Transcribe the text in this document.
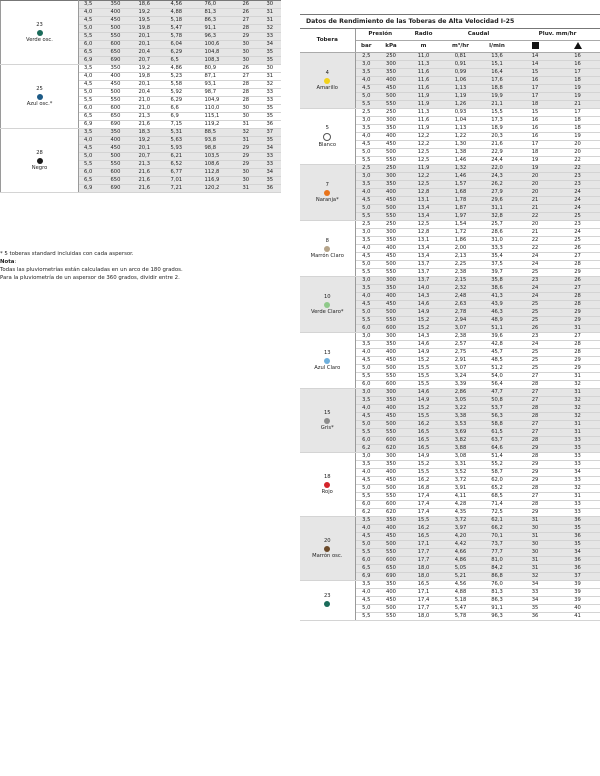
23
Verde osc.	3,5	350	18,6	4,56	76,0	26	30
	4,0	400	19,2	4,88	81,3	26	31
	4,5	450	19,5	5,18	86,3	27	31
	5,0	500	19,8	5,47	91,1	28	32
	5,5	550	20,1	5,78	96,3	29	33
	6,0	600	20,1	6,04	100,6	30	34
	6,5	650	20,4	6,29	104,8	30	35
	6,9	690	20,7	6,5	108,3	30	35

25
Azul osc.*	3,5	350	19,2	4,86	80,9	26	30
	4,0	400	19,8	5,23	87,1	27	31
	4,5	450	20,1	5,58	93,1	28	32
	5,0	500	20,4	5,92	98,7	28	33
	5,5	550	21,0	6,29	104,9	28	33
	6,0	600	21,0	6,6	110,0	30	35
	6,5	650	21,3	6,9	115,1	30	35
	6,9	690	21,6	7,15	119,2	31	36

28
Negro	3,5	350	18,3	5,31	88,5	32	37
	4,0	400	19,2	5,63	93,8	31	35
	4,5	450	20,1	5,93	98,8	29	34
	5,0	500	20,7	6,21	103,5	29	33
	5,5	550	21,3	6,52	108,6	29	33
	6,0	600	21,6	6,77	112,8	30	34
	6,5	650	21,6	7,01	116,9	30	35
	6,9	690	21,6	7,21	120,2	31	36
* 5 toberas standard incluidas con cada aspersor.
Nota:
Todas las pluviometrías están calculadas en un arco de 180 grados.
Para la pluviometría de un aspersor de 360 grados, dividir entre 2.
Datos de Rendimiento de las Toberas de Alta Velocidad I-25							
Tobera	Presión		Radio	Caudal		Pluv. mm/hr	
	bar	kPa	m	m³/hr	l/min		

4
Amarillo	2,5	250	11,0	0,81	13,6	14	16
	3,0	300	11,3	0,91	15,1	14	16
	3,5	350	11,6	0,99	16,4	15	17
	4,0	400	11,6	1,06	17,6	16	18
	4,5	450	11,6	1,13	18,8	17	19
	5,0	500	11,9	1,19	19,9	17	19
	5,5	550	11,9	1,26	21,1	18	21

5
Blanco	2,5	250	11,3	0,93	15,5	15	17
	3,0	300	11,6	1,04	17,3	16	18
	3,5	350	11,9	1,13	18,9	16	18
	4,0	400	12,2	1,22	20,3	16	19
	4,5	450	12,2	1,30	21,6	17	20
	5,0	500	12,5	1,38	22,9	18	20
	5,5	550	12,5	1,46	24,4	19	22

7
Naranja*	2,5	250	11,9	1,32	22,0	19	22
	3,0	300	12,2	1,46	24,3	20	23
	3,5	350	12,5	1,57	26,2	20	23
	4,0	400	12,8	1,68	27,9	20	24
	4,5	450	13,1	1,78	29,6	21	24
	5,0	500	13,4	1,87	31,1	21	24
	5,5	550	13,4	1,97	32,8	22	25

8
Marrón Claro	2,5	250	12,5	1,54	25,7	20	23
	3,0	300	12,8	1,72	28,6	21	24
	3,5	350	13,1	1,86	31,0	22	25
	4,0	400	13,4	2,00	33,3	22	26
	4,5	450	13,4	2,13	35,4	24	27
	5,0	500	13,7	2,25	37,5	24	28
	5,5	550	13,7	2,38	39,7	25	29

10
Verde Claro*	3,0	300	13,7	2,15	35,8	23	26
	3,5	350	14,0	2,32	38,6	24	27
	4,0	400	14,3	2,48	41,3	24	28
	4,5	450	14,6	2,63	43,9	25	28
	5,0	500	14,9	2,78	46,3	25	29
	5,5	550	15,2	2,94	48,9	25	29
	6,0	600	15,2	3,07	51,1	26	31

13
Azul Claro	3,0	300	14,3	2,38	39,6	23	27
	3,5	350	14,6	2,57	42,8	24	28
	4,0	400	14,9	2,75	45,7	25	28
	4,5	450	15,2	2,91	48,5	25	29
	5,0	500	15,5	3,07	51,2	25	29
	5,5	550	15,5	3,24	54,0	27	31
	6,0	600	15,5	3,39	56,4	28	32

15
Gris*	3,0	300	14,6	2,86	47,7	27	31
	3,5	350	14,9	3,05	50,8	27	32
	4,0	400	15,2	3,22	53,7	28	32
	4,5	450	15,5	3,38	56,3	28	32
	5,0	500	16,2	3,53	58,8	27	31
	5,5	550	16,5	3,69	61,5	27	31
	6,0	600	16,5	3,82	63,7	28	33
	6,2	620	16,5	3,88	64,6	29	33

18
Rojo	3,0	300	14,9	3,08	51,4	28	33
	3,5	350	15,2	3,31	55,2	29	33
	4,0	400	15,5	3,52	58,7	29	34
	4,5	450	16,2	3,72	62,0	29	33
	5,0	500	16,8	3,91	65,2	28	32
	5,5	550	17,4	4,11	68,5	27	31
	6,0	600	17,4	4,28	71,4	28	33
	6,2	620	17,4	4,35	72,5	29	33

20
Marrón osc.	3,5	350	15,5	3,72	62,1	31	36
	4,0	400	16,2	3,97	66,2	30	35
	4,5	450	16,5	4,20	70,1	31	36
	5,0	500	17,1	4,42	73,7	30	35
	5,5	550	17,7	4,66	77,7	30	34
	6,0	600	17,7	4,86	81,0	31	36
	6,5	650	18,0	5,05	84,2	31	36
	6,9	690	18,0	5,21	86,8	32	37

23	3,5	350	16,5	4,56	76,0	34	39
	4,0	400	17,1	4,88	81,3	33	39
	4,5	450	17,4	5,18	86,3	34	39
	5,0	500	17,7	5,47	91,1	35	40
	5,5	550	18,0	5,78	96,3	36	41
